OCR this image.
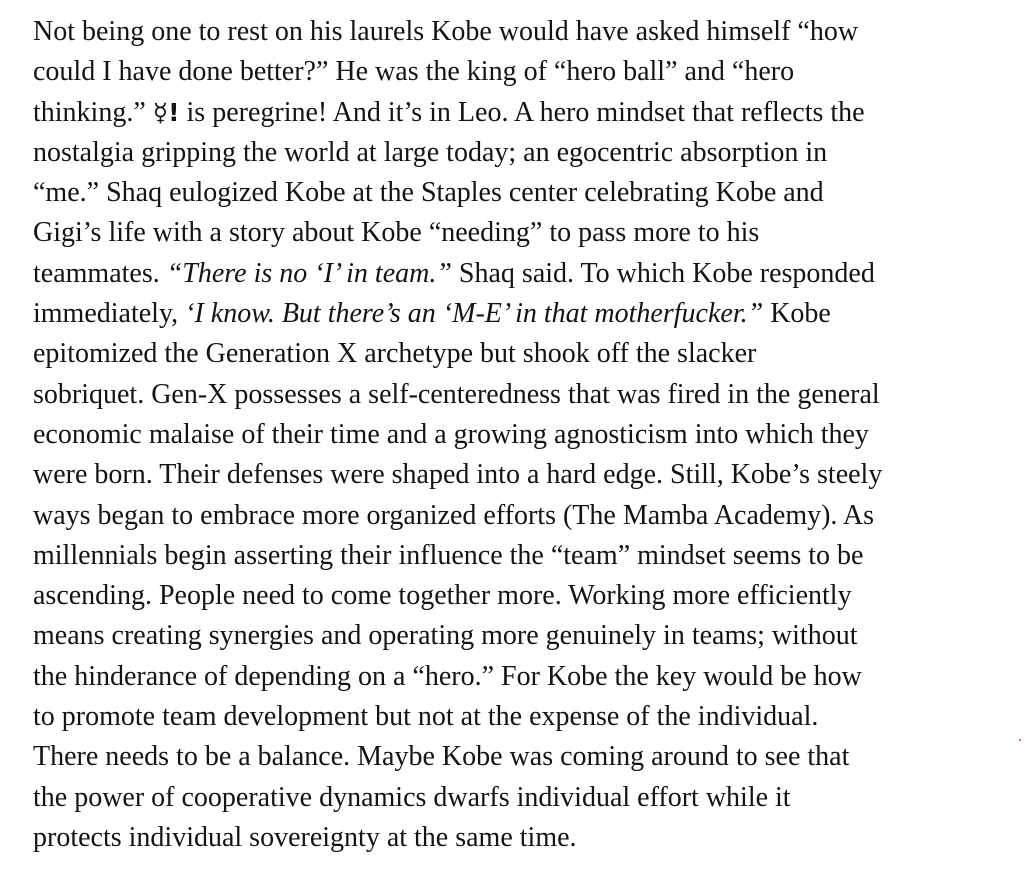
Not being one to rest on his laurels Kobe would have asked himself “how
could I have done better?” He was the king of “hero ball” and “hero
thinking.” ☿! is peregrine! And it’s in Leo. A hero mindset that reflects the
nostalgia gripping the world at large today; an egocentric absorption in
“me.” Shaq eulogized Kobe at the Staples center celebrating Kobe and
Gigi’s life with a story about Kobe “needing” to pass more to his
teammates. “There is no ‘I’ in team.” Shaq said. To which Kobe responded
immediately, ‘I know. But there’s an ‘M-E’ in that motherfucker.” Kobe
epitomized the Generation X archetype but shook off the slacker
sobriquet. Gen-X possesses a self-centeredness that was fired in the general
economic malaise of their time and a growing agnosticism into which they
were born. Their defenses were shaped into a hard edge. Still, Kobe’s steely
ways began to embrace more organized efforts (The Mamba Academy). As
millennials begin asserting their influence the “team” mindset seems to be
ascending. People need to come together more. Working more efficiently
means creating synergies and operating more genuinely in teams; without
the hinderance of depending on a “hero.” For Kobe the key would be how
to promote team development but not at the expense of the individual.
There needs to be a balance. Maybe Kobe was coming around to see that
the power of cooperative dynamics dwarfs individual effort while it
protects individual sovereignty at the same time.
